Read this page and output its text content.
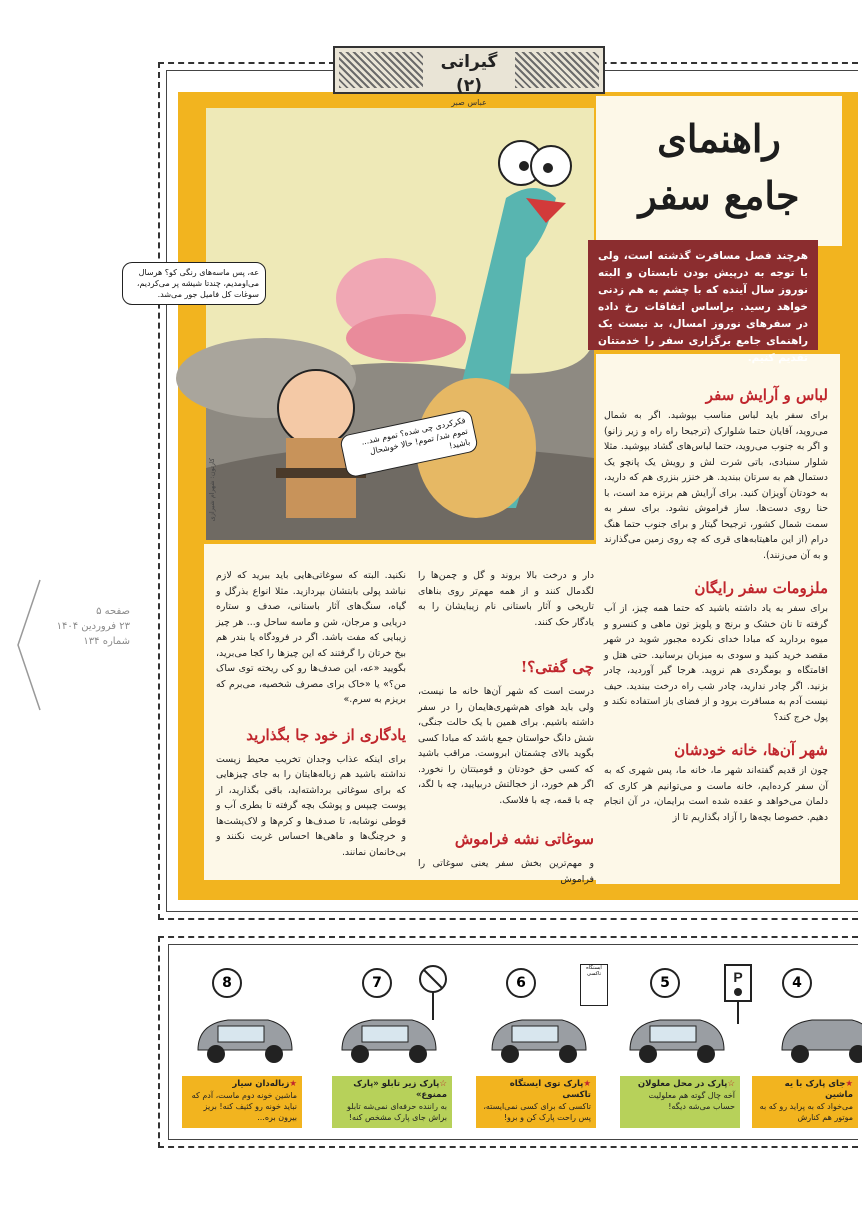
صفحه ۵
۲۳ فروردین ۱۴۰۴
شماره ۱۳۴
گیراتی (۲)
عباس صبر
راهنمای
جامع سفر
عه، پس ماسه‌های رنگی کو؟ هرسال می‌اومدیم، چندتا شیشه پر می‌کردیم، سوغات کل فامیل جور می‌شد.
فکرکردی چی شده؟ تموم شد... تموم شد/ تموم! حالا خوشحال باشید!
کارتون: شهرام شیرازی
هرچند فصل مسافرت گذشته است، ولی با توجه به درپیش بودن تابستان و البته نوروز سال آینده که با چشم به هم زدنی خواهد رسید. براساس اتفاقات رخ داده در سفرهای نوروز امسال، بد نیست یک راهنمای جامع برگزاری سفر را خدمتتان تقدیم کنیم.
لباس و آرایش سفر
برای سفر باید لباس مناسب بپوشید. اگر به شمال می‌روید، آقایان حتما شلوارک (ترجیحا راه راه و زیر زانو) و اگر به جنوب می‌روید، حتما لباس‌های گشاد بپوشید. مثلا شلوار سنبادی، باتی شرت لش و رویش یک پانچو یک دستمال هم به سرتان ببندید. هر خنزر بنزری هم که دارید، به خودتان آویزان کنید. برای آرایش هم برنزه مد است، با حنا روی دست‌ها. ساز فراموش نشود. برای سفر به سمت شمال کشور، ترجیحا گیتار و برای جنوب حتما هنگ درام (از این ماهیتابه‌های قری که چه روی زمین می‌گذارند و به آن می‌زنند).
ملزومات سفر رایگان
برای سفر به یاد داشته باشید که حتما همه چیز، از آب گرفته تا نان خشک و برنج و پلویز تون ماهی و کنسرو و میوه بردارید که مبادا خدای نکرده مجبور شوید در شهر مقصد خرید کنید و سودی به میزبان برسانید. حتی هتل و اقامتگاه و بومگردی هم نروید. هرجا گیر آوردید، چادر بزنید. اگر چادر ندارید، چادر شب راه درخت ببندید. حیف نیست آدم به مسافرت برود و از فضای باز استفاده نکند و پول خرج کند؟
شهر آن‌ها، خانه خودشان
چون از قدیم گفته‌اند شهر ما، خانه ما، پس شهری که به آن سفر کرده‌ایم، خانه ماست و می‌توانیم هر کاری که دلمان می‌خواهد و عقده شده است برایمان، در آن انجام دهیم. خصوصا بچه‌ها را آزاد بگذاریم تا از
دار و درخت بالا بروند و گل و چمن‌ها را لگدمال کنند و از همه مهم‌تر روی بناهای تاریخی و آثار باستانی نام زیبایشان را به یادگار حک کنند.
چی گفتی؟!
درست است که شهر آن‌ها خانه ما نیست، ولی باید هوای هم‌شهری‌هایمان را در سفر داشته باشیم. برای همین با یک حالت جنگی، شش دانگ حواستان جمع باشد که مبادا کسی بگوید بالای چشمتان ابروست. مراقب باشید که کسی حق خودتان و قومیتتان را نخورد. اگر هم خورد، از خجالتش دربیایید، چه با لگد، چه با قمه، چه با فلاسک.
سوغاتی نشه فراموش
و مهم‌ترین بخش سفر یعنی سوغاتی را فراموش
نکنید. البته که سوغاتی‌هایی باید ببرید که لازم نباشد پولی بابتشان بپردازید. مثلا انواع بذرگل و گیاه، سنگ‌های آثار باستانی، صدف و ستاره دریایی و مرجان، شن و ماسه ساحل و... هر چیز زیبایی که مفت باشد. اگر در فرودگاه یا بندر هم بیخ خرتان را گرفتند که این چیزها را کجا می‌برید، بگویید «عه، این صدف‌ها رو کی ریخته توی ساک من؟» یا «خاک برای مصرف شخصیه، می‌برم که بریزم به سرم.»
یادگاری از خود جا بگذارید
برای اینکه عذاب وجدان تخریب محیط زیست نداشته باشید هم زباله‌هایتان را به جای چیزهایی که برای سوغاتی برداشته‌اید، باقی بگذارید، از پوست چیپس و پوشک بچه گرفته تا بطری آب و قوطی نوشابه، تا صدف‌ها و کرم‌ها و لاک‌پشت‌ها و خرچنگ‌ها و ماهی‌ها احساس غربت نکنند و بی‌خانمان نمانند.
8
★زباله‌دان سیار
ماشین خونه دوم ماست، آدم که نباید خونه رو کثیف کنه! بریز بیرون بره...
7
☆پارک زیر تابلو «پارک ممنوع»
به راننده حرفه‌ای نمی‌شه تابلو براش جای پارک مشخص کنه!
6
ایستگاه تاکسی
★پارک توی ایستگاه تاکسی
تاکسی که برای کسی نمی‌ایسته، پس راحت پارک کن و برو!
5	P
☆پارک در محل معلولان
آخه چال گوته هم معلولیت حساب می‌شه دیگه!
4
★جای پارک با یه ماشین
می‌خواد که به پراید رو که به موتور هم کنارش
